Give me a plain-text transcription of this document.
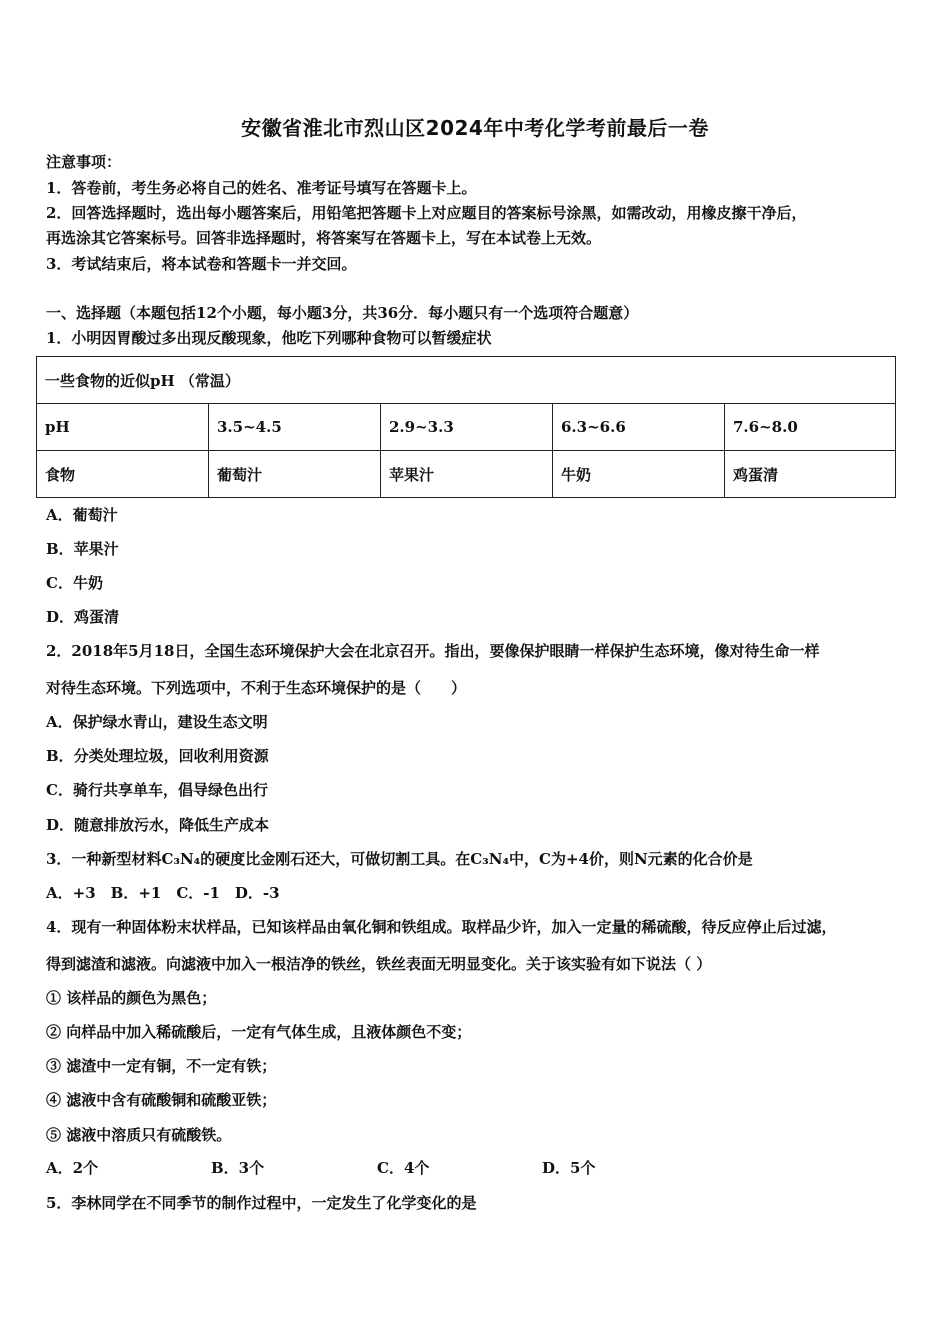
安徽省淮北市烈山区2024年中考化学考前最后一卷
注意事项：
1．答卷前，考生务必将自己的姓名、准考证号填写在答题卡上。
2．回答选择题时，选出每小题答案后，用铅笔把答题卡上对应题目的答案标号涂黑，如需改动，用橡皮擦干净后，
再选涂其它答案标号。回答非选择题时，将答案写在答题卡上，写在本试卷上无效。
3．考试结束后，将本试卷和答题卡一并交回。
一、选择题（本题包括12个小题，每小题3分，共36分．每小题只有一个选项符合题意）
1．小明因胃酸过多出现反酸现象，他吃下列哪种食物可以暂缓症状
一些食物的近似pH （常温）				
pH	3.5~4.5	2.9~3.3	6.3~6.6	7.6~8.0
食物	葡萄汁	苹果汁	牛奶	鸡蛋清
A．葡萄汁
B．苹果汁
C．牛奶
D．鸡蛋清
2．2018年5月18日，全国生态环境保护大会在北京召开。指出，要像保护眼睛一样保护生态环境，像对待生命一样
对待生态环境。下列选项中，不利于生态环境保护的是（　　）
A．保护绿水青山，建设生态文明
B．分类处理垃圾，回收利用资源
C．骑行共享单车，倡导绿色出行
D．随意排放污水，降低生产成本
3．一种新型材料C₃N₄的硬度比金刚石还大，可做切割工具。在C₃N₄中，C为+4价，则N元素的化合价是
A．+3　B．+1　C．-1　D．-3
4．现有一种固体粉末状样品，已知该样品由氧化铜和铁组成。取样品少许，加入一定量的稀硫酸，待反应停止后过滤，
得到滤渣和滤液。向滤液中加入一根洁净的铁丝，铁丝表面无明显变化。关于该实验有如下说法（ ）
① 该样品的颜色为黑色；
② 向样品中加入稀硫酸后，一定有气体生成，且液体颜色不变；
③ 滤渣中一定有铜，不一定有铁；
④ 滤液中含有硫酸铜和硫酸亚铁；
⑤ 滤液中溶质只有硫酸铁。
A．2个	B．3个	C．4个	D．5个
5．李林同学在不同季节的制作过程中，一定发生了化学变化的是
